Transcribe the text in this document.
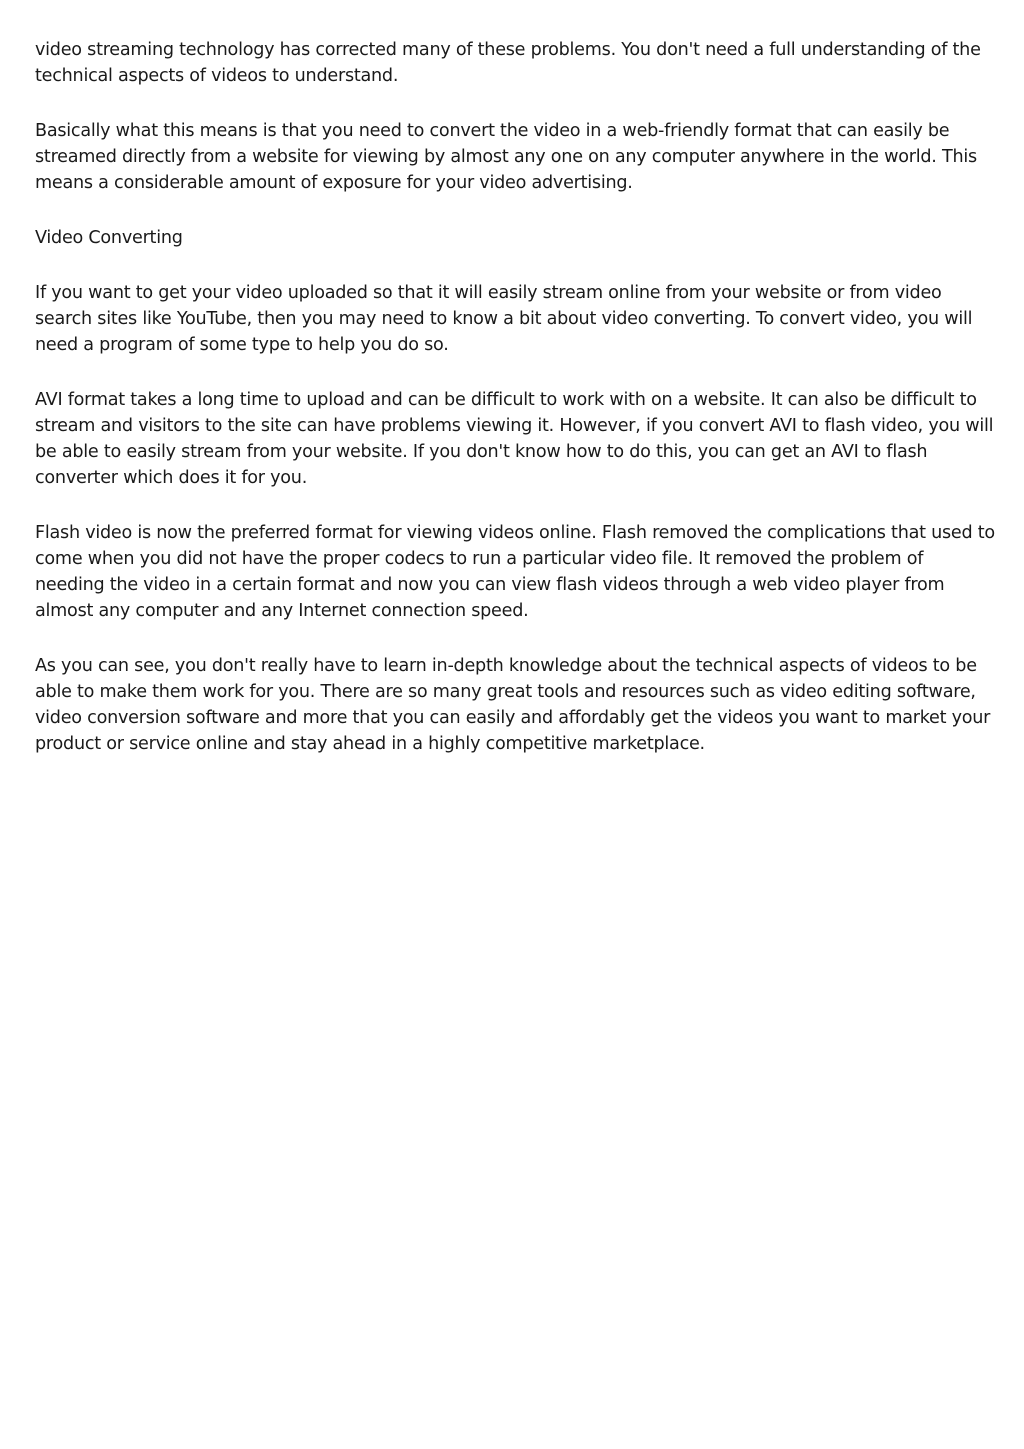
video streaming technology has corrected many of these problems. You don't need a full understanding of the technical aspects of videos to understand.

Basically what this means is that you need to convert the video in a web-friendly format that can easily be streamed directly from a website for viewing by almost any one on any computer anywhere in the world. This means a considerable amount of exposure for your video advertising.

Video Converting

If you want to get your video uploaded so that it will easily stream online from your website or from video search sites like YouTube, then you may need to know a bit about video converting. To convert video, you will need a program of some type to help you do so.

AVI format takes a long time to upload and can be difficult to work with on a website. It can also be difficult to stream and visitors to the site can have problems viewing it. However, if you convert AVI to flash video, you will be able to easily stream from your website. If you don't know how to do this, you can get an AVI to flash converter which does it for you.

Flash video is now the preferred format for viewing videos online. Flash removed the complications that used to come when you did not have the proper codecs to run a particular video file. It removed the problem of needing the video in a certain format and now you can view flash videos through a web video player from almost any computer and any Internet connection speed.

As you can see, you don't really have to learn in-depth knowledge about the technical aspects of videos to be able to make them work for you. There are so many great tools and resources such as video editing software, video conversion software and more that you can easily and affordably get the videos you want to market your product or service online and stay ahead in a highly competitive marketplace.
